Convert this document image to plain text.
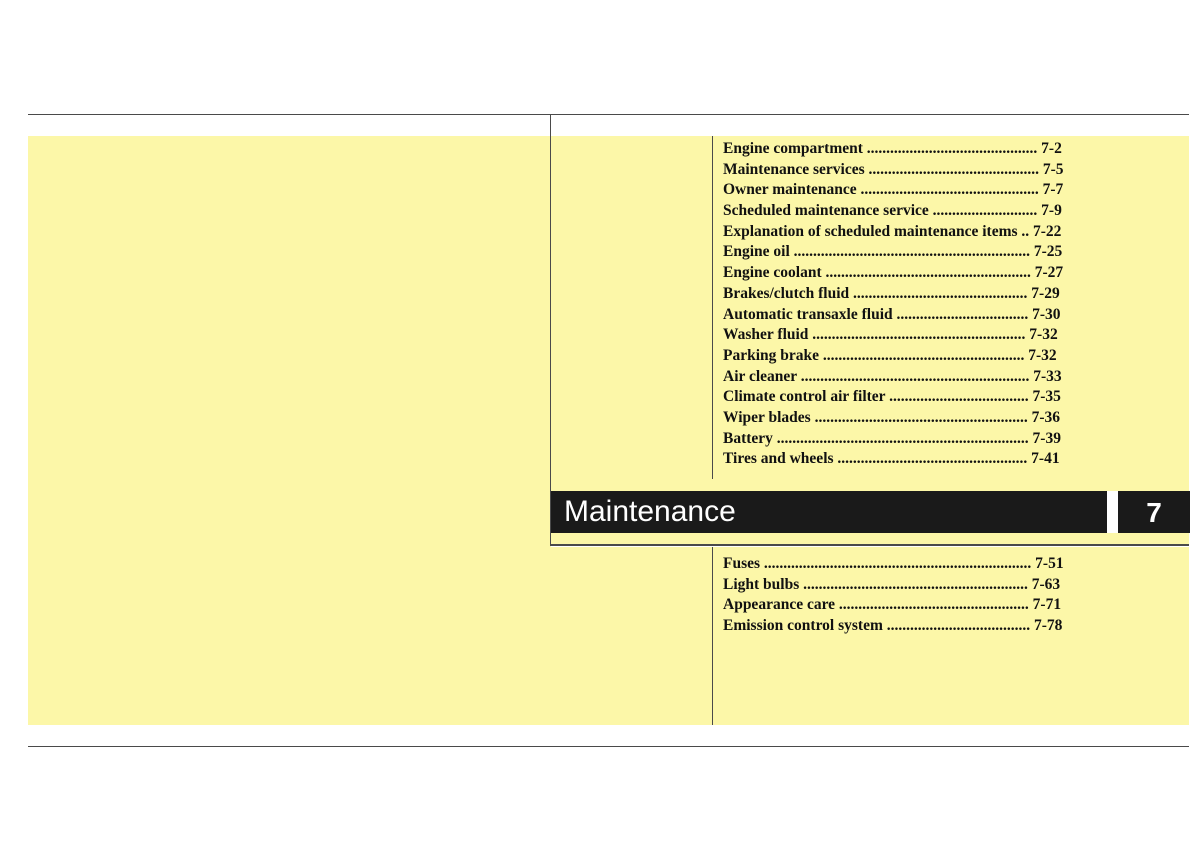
Engine compartment ............................................ 7-2
Maintenance services ............................................ 7-5
Owner maintenance .............................................. 7-7
Scheduled maintenance service ........................... 7-9
Explanation of scheduled maintenance items .. 7-22
Engine oil ............................................................. 7-25
Engine coolant ..................................................... 7-27
Brakes/clutch fluid ............................................. 7-29
Automatic transaxle fluid .................................. 7-30
Washer fluid ....................................................... 7-32
Parking brake .................................................... 7-32
Air cleaner ........................................................... 7-33
Climate control air filter .................................... 7-35
Wiper blades ....................................................... 7-36
Battery ................................................................. 7-39
Tires and wheels ................................................. 7-41
Maintenance	7
Fuses ..................................................................... 7-51
Light bulbs .......................................................... 7-63
Appearance care ................................................. 7-71
Emission control system ..................................... 7-78
